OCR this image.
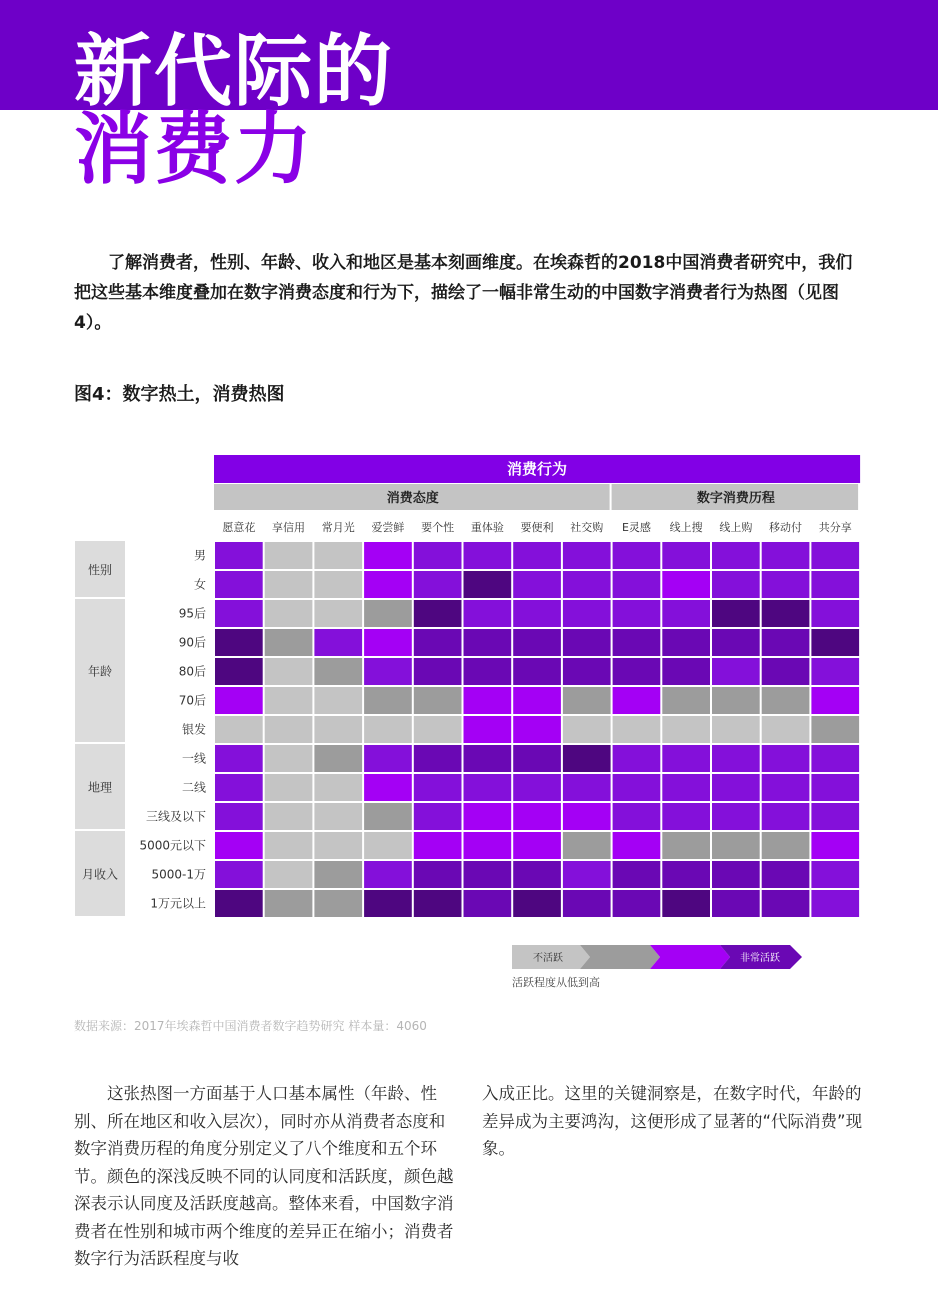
新代际的
消费力

了解消费者，性别、年龄、收入和地区是基本刻画维度。在埃森哲的2018中国消费者研究中，我们把这些基本维度叠加在数字消费态度和行为下，描绘了一幅非常生动的中国数字消费者行为热图（见图4）。

图4：数字热土，消费热图
消费行为
消费态度	数字消费历程
愿意花 享信用 常月光 爱尝鲜 要个性 重体验 要便利 社交购 E灵感 线上搜 线上购 移动付 共分享
性别
年龄
地理
月收入
男
女
95后
90后
80后
70后
银发
一线
二线
三线及以下
5000元以下
5000-1万
1万元以上
不活跃	非常活跃
活跃程度从低到高
数据来源：2017年埃森哲中国消费者数字趋势研究 样本量：4060

这张热图一方面基于人口基本属性（年龄、性别、所在地区和收入层次），同时亦从消费者态度和数字消费历程的角度分别定义了八个维度和五个环节。颜色的深浅反映不同的认同度和活跃度，颜色越深表示认同度及活跃度越高。整体来看，中国数字消费者在性别和城市两个维度的差异正在缩小；消费者数字行为活跃程度与收

入成正比。这里的关键洞察是，在数字时代，年龄的差异成为主要鸿沟，这便形成了显著的“代际消费”现象。
